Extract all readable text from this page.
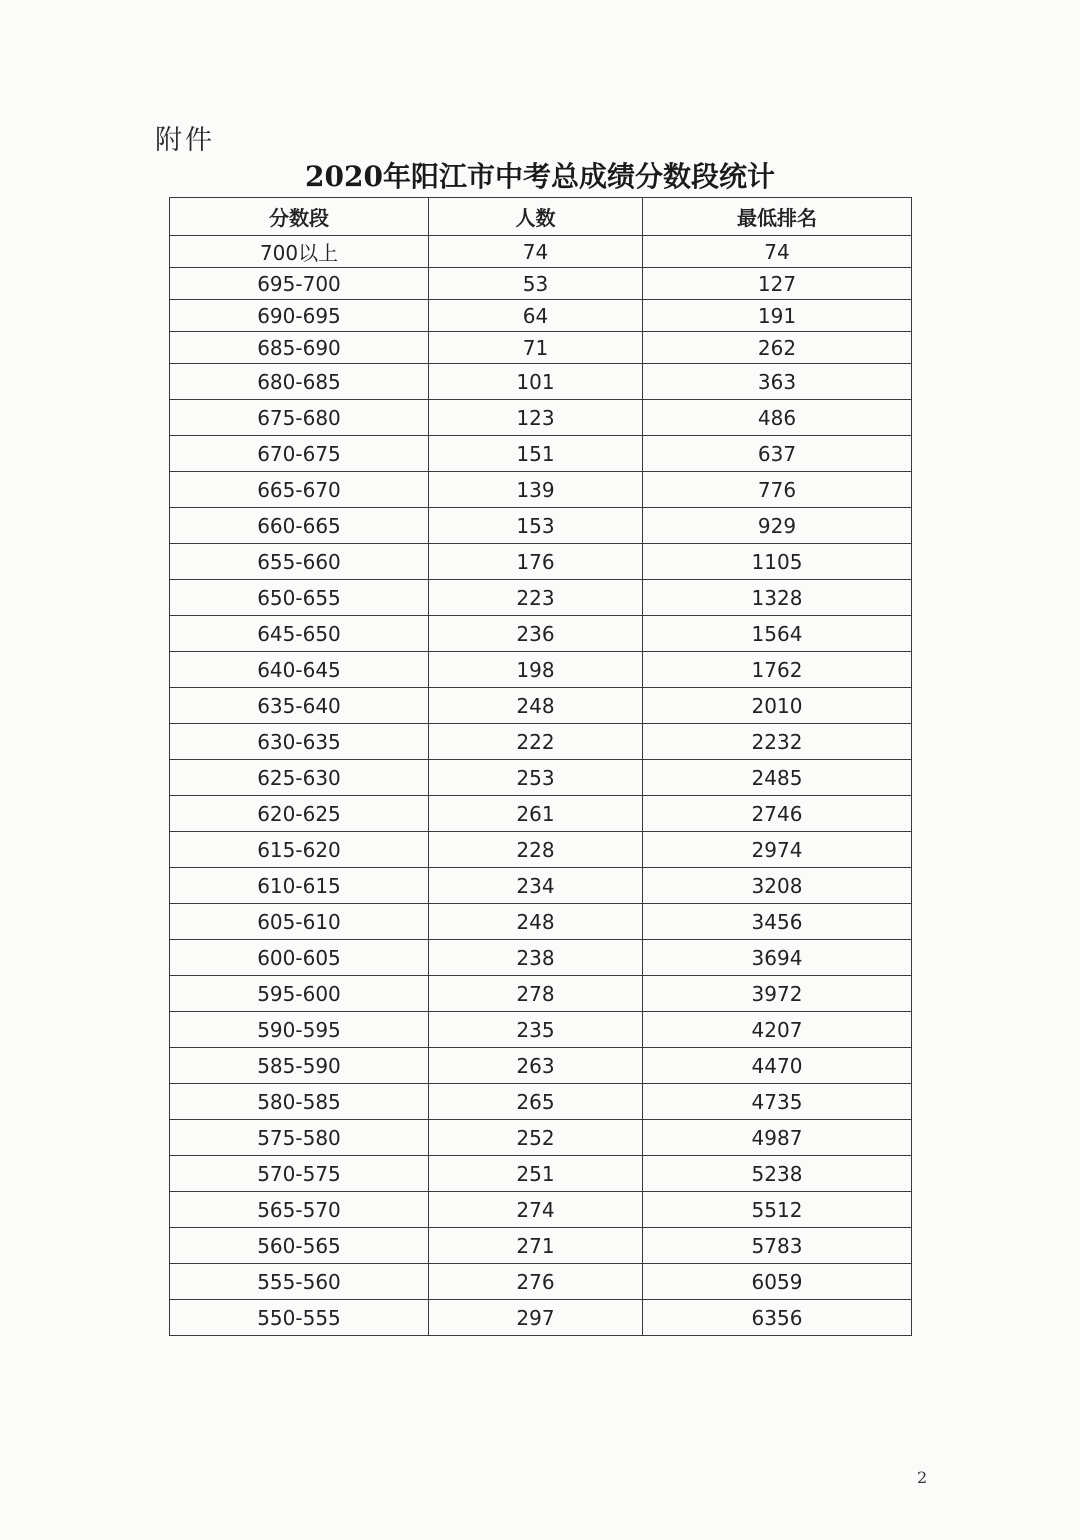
附件
2020年阳江市中考总成绩分数段统计
分数段	人数	最低排名
700以上	74	74
695-700	53	127
690-695	64	191
685-690	71	262
680-685	101	363
675-680	123	486
670-675	151	637
665-670	139	776
660-665	153	929
655-660	176	1105
650-655	223	1328
645-650	236	1564
640-645	198	1762
635-640	248	2010
630-635	222	2232
625-630	253	2485
620-625	261	2746
615-620	228	2974
610-615	234	3208
605-610	248	3456
600-605	238	3694
595-600	278	3972
590-595	235	4207
585-590	263	4470
580-585	265	4735
575-580	252	4987
570-575	251	5238
565-570	274	5512
560-565	271	5783
555-560	276	6059
550-555	297	6356
2
